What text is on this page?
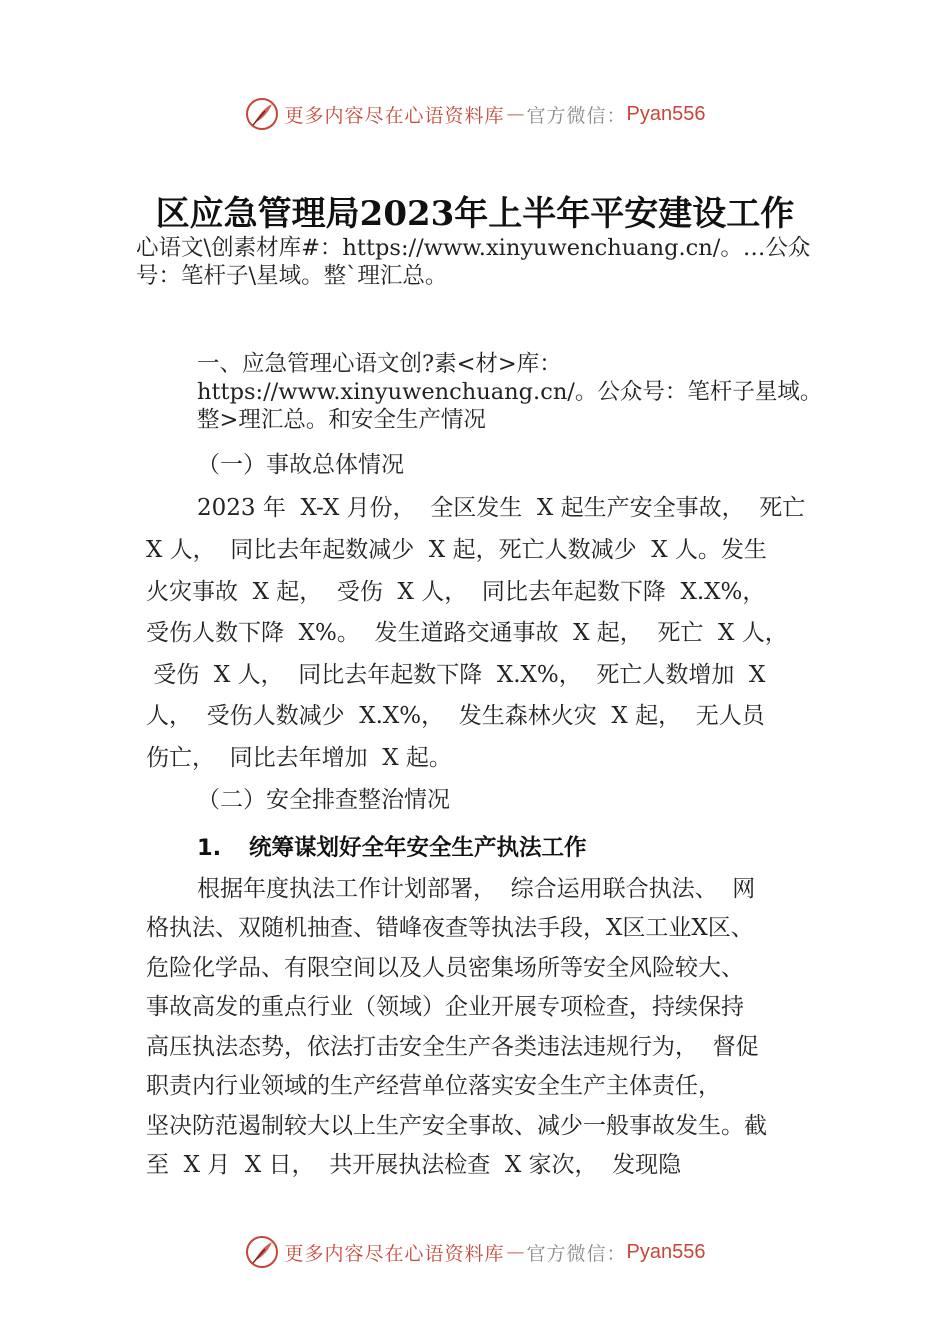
更多内容尽在心语资料库 — 官方微信： Pyan556
区应急管理局2023年上半年平安建设工作

心语文\创素材库#：https://www.xinyuwenchuang.cn/。…公众号：笔杆子\星域。整`理汇总。

一、应急管理心语文创?素<材>库：https://www.xinyuwenchuang.cn/。公众号：笔杆子星域。整>理汇总。和安全生产情况

（一）事故总体情况
2023 年  X-X 月份，  全区发生  X 起生产安全事故，  死亡
X 人，  同比去年起数减少  X 起，死亡人数减少  X 人。发生
火灾事故  X 起，  受伤  X 人，  同比去年起数下降  X.X%，
受伤人数下降  X%。  发生道路交通事故  X 起，  死亡  X 人，
受伤  X 人，  同比去年起数下降  X.X%，  死亡人数增加  X
人，  受伤人数减少  X.X%，  发生森林火灾  X 起，  无人员
伤亡，  同比去年增加  X 起。
（二）安全排查整治情况
1. 统筹谋划好全年安全生产执法工作
根据年度执法工作计划部署，  综合运用联合执法、  网
格执法、双随机抽查、错峰夜查等执法手段，X区工业X区、
危险化学品、有限空间以及人员密集场所等安全风险较大、
事故高发的重点行业（领域）企业开展专项检查，持续保持
高压执法态势，依法打击安全生产各类违法违规行为，  督促
职责内行业领域的生产经营单位落实安全生产主体责任，
坚决防范遏制较大以上生产安全事故、减少一般事故发生。截
至  X 月  X 日，  共开展执法检查  X 家次，  发现隐
更多内容尽在心语资料库 — 官方微信： Pyan556
